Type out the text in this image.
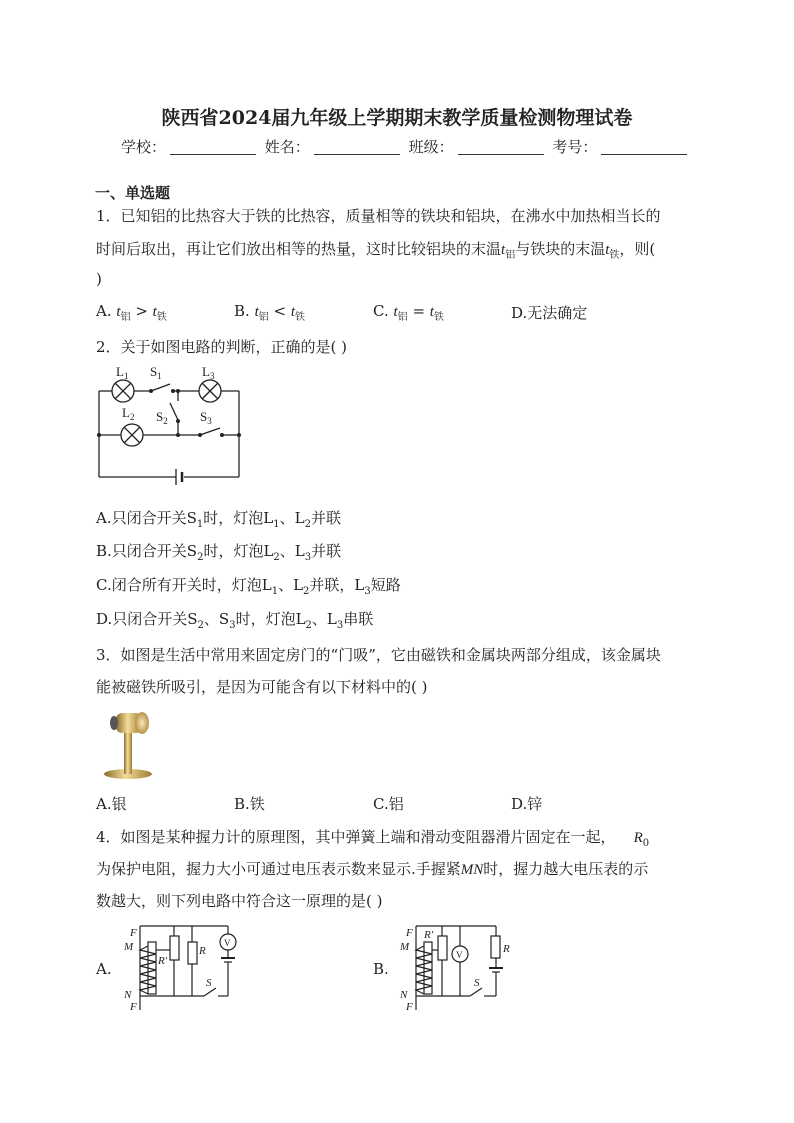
陕西省2024届九年级上学期期末教学质量检测物理试卷
学校：	姓名：	班级：	考号：
一、单选题
1．已知铝的比热容大于铁的比热容，质量相等的铁块和铝块，在沸水中加热相当长的
时间后取出，再让它们放出相等的热量，这时比较铝块的末温$t_铝$与铁块的末温$t_铁$，则(
)
A. $t_铝 > t_铁$	B. $t_铝 < t_铁$	C. $t_铝 = t_铁$	D.无法确定
2．关于如图电路的判断，正确的是( )
$L_1$ $S_1$	$L_3$
$L_2$ $S_2$ $S_3$
A.只闭合开关$S_1$时，灯泡$L_1$、$L_2$并联
B.只闭合开关$S_2$时，灯泡$L_2$、$L_3$并联
C.闭合所有开关时，灯泡$L_1$、$L_2$并联，$L_3$短路
D.只闭合开关$S_2$、$S_3$时，灯泡$L_2$、$L_3$串联
3．如图是生活中常用来固定房门的“门吸”，它由磁铁和金属块两部分组成，该金属块
能被磁铁所吸引，是因为可能含有以下材料中的( )
A.银	B.铁	C.铝	D.锌
4．如图是某种握力计的原理图，其中弹簧上端和滑动变阻器滑片固定在一起， $R_0$
为保护电阻，握力大小可通过电压表示数来显示.手握紧MN时，握力越大电压表的示
数越大，则下列电路中符合这一原理的是( )
A.
F
M
R′
R
S
N
F
V
B.
F
M
R′
R
S
N
F
V
